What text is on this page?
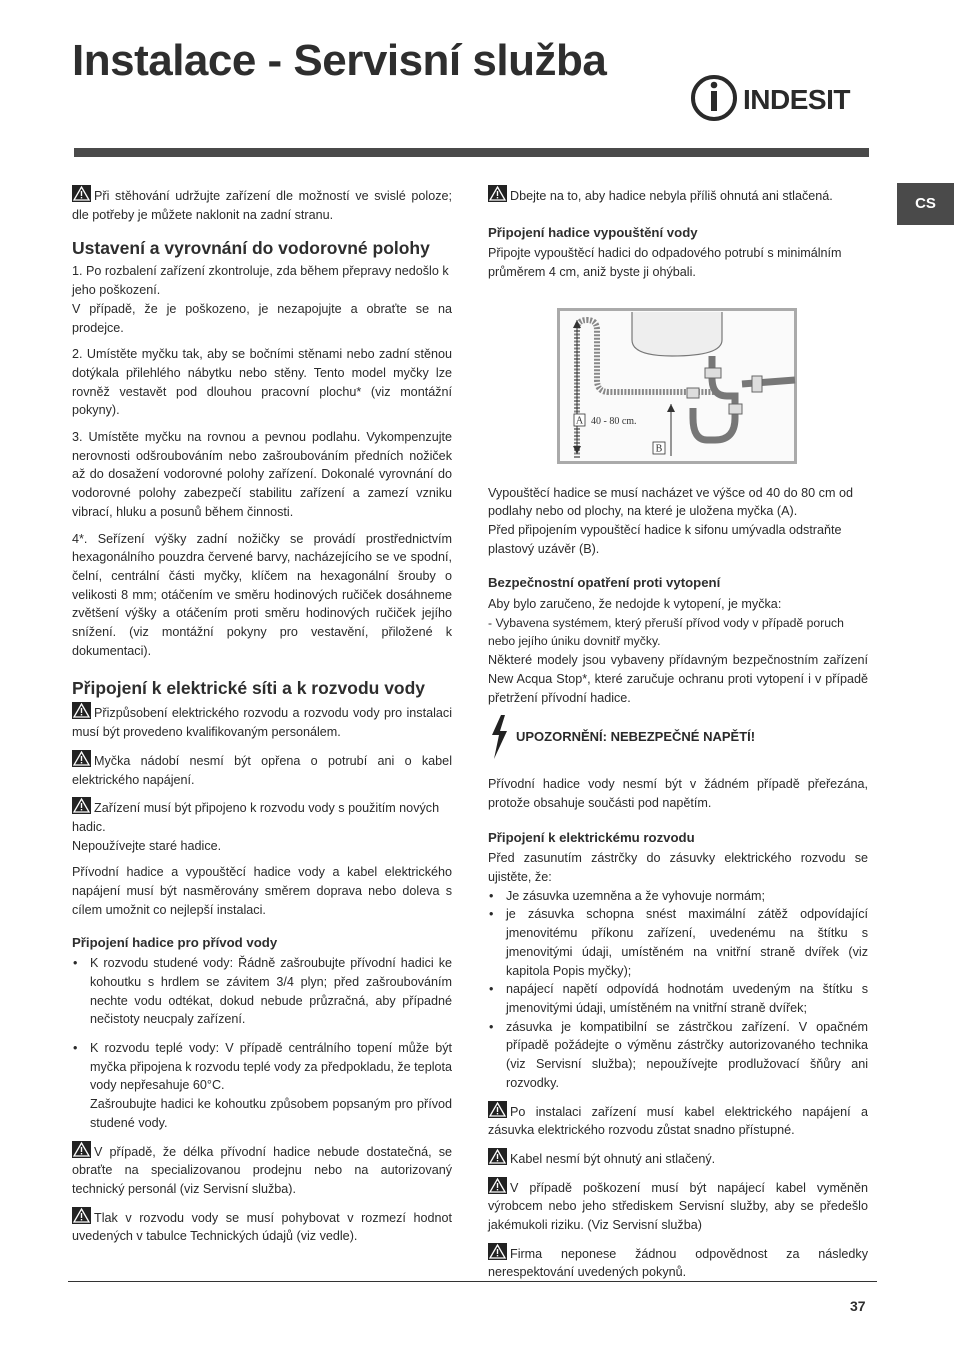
Instalace - Servisní služba
INDESIT
CS

Při stěhování udržujte zařízení dle možností ve svislé poloze; dle potřeby je můžete naklonit na zadní stranu.

Ustavení a vyrovnání do vodorovné polohy

1. Po rozbalení zařízení zkontroluje, zda během přepravy nedošlo k jeho poškození.

V případě, že je poškozeno, je nezapojujte a obraťte se na prodejce.

2. Umístěte myčku tak, aby se bočními stěnami nebo zadní stěnou dotýkala přilehlého nábytku nebo stěny. Tento model myčky lze rovněž vestavět pod dlouhou pracovní plochu* (viz montážní pokyny).

3. Umístěte myčku na rovnou a pevnou podlahu. Vykompenzujte nerovnosti odšroubováním nebo zašroubováním předních nožiček až do dosažení vodorovné polohy zařízení. Dokonalé vyrovnání do vodorovné polohy zabezpečí stabilitu zařízení a zamezí vzniku vibrací, hluku a posunů během činnosti.

4*. Seřízení výšky zadní nožičky se provádí prostřednictvím hexagonálního pouzdra červené barvy, nacházejícího se ve spodní, čelní, centrální části myčky, klíčem na hexagonální šrouby o velikosti 8 mm; otáčením ve směru hodinových ručiček dosáhneme zvětšení výšky a otáčením proti směru hodinových ručiček jejího snížení. (viz montážní pokyny pro vestavění, přiložené k dokumentaci).

Připojení k elektrické síti a k rozvodu vody

Přizpůsobení elektrického rozvodu a rozvodu vody pro instalaci musí být provedeno kvalifikovaným personálem.

Myčka nádobí nesmí být opřena o potrubí ani o kabel elektrického napájení.

Zařízení musí být připojeno k rozvodu vody s použitím nových hadic.

Nepoužívejte staré hadice.

Přívodní hadice a vypouštěcí hadice vody a kabel elektrického napájení musí být nasměrovány směrem doprava nebo doleva s cílem umožnit co nejlepší instalaci.

Připojení hadice pro přívod vody
• K rozvodu studené vody: Řádně zašroubujte přívodní hadici ke kohoutku s hrdlem se závitem 3/4 plyn; před zašroubováním nechte vodu odtékat, dokud nebude průzračná, aby případné nečistoty neucpaly zařízení.
• K rozvodu teplé vody: V případě centrálního topení může být myčka připojena k rozvodu teplé vody za předpokladu, že teplota vody nepřesahuje 60°C.
Zašroubujte hadici ke kohoutku způsobem popsaným pro přívod studené vody.

V případě, že délka přívodní hadice nebude dostatečná, se obraťte na specializovanou prodejnu nebo na autorizovaný technický personál (viz Servisní služba).

Tlak v rozvodu vody se musí pohybovat v rozmezí hodnot uvedených v tabulce Technických údajů (viz vedle).

Dbejte na to, aby hadice nebyla příliš ohnutá ani stlačená.

Připojení hadice vypouštění vody

Připojte vypouštěcí hadici do odpadového potrubí s minimálním průměrem 4 cm, aniž byste ji ohýbali.

A 40 - 80 cm.
B

Vypouštěcí hadice se musí nacházet ve výšce od 40 do 80 cm od podlahy nebo od plochy, na které je uložena myčka (A).

Před připojením vypouštěcí hadice k sifonu umývadla odstraňte plastový uzávěr (B).

Bezpečnostní opatření proti vytopení

Aby bylo zaručeno, že nedojde k vytopení, je myčka:

- Vybavena systémem, který přeruší přívod vody v případě poruch nebo jejího úniku dovnitř myčky.

Některé modely jsou vybaveny přídavným bezpečnostním zařízení New Acqua Stop*, které zaručuje ochranu proti vytopení i v případě přetržení přívodní hadice.

UPOZORNĚNÍ: NEBEZPEČNÉ NAPĚTÍ!

Přívodní hadice vody nesmí být v žádném případě přeřezána, protože obsahuje součásti pod napětím.

Připojení k elektrickému rozvodu

Před zasunutím zástrčky do zásuvky elektrického rozvodu se ujistěte, že:

• Je zásuvka uzemněna a že vyhovuje normám;
• je zásuvka schopna snést maximální zátěž odpovídající jmenovitému příkonu zařízení, uvedenému na štítku s jmenovitými údaji, umístěném na vnitřní straně dvířek (viz kapitola Popis myčky);
• napájecí napětí odpovídá hodnotám uvedeným na štítku s jmenovitými údaji, umístěném na vnitřní straně dvířek;
• zásuvka je kompatibilní se zástrčkou zařízení. V opačném případě požádejte o výměnu zástrčky autorizovaného technika (viz Servisní služba); nepoužívejte prodlužovací šňůry ani rozvodky.

Po instalaci zařízení musí kabel elektrického napájení a zásuvka elektrického rozvodu zůstat snadno přístupné.

Kabel nesmí být ohnutý ani stlačený.

V případě poškození musí být napájecí kabel vyměněn výrobcem nebo jeho střediskem Servisní služby, aby se předešlo jakémukoli riziku. (Viz Servisní služba)

Firma neponese žádnou odpovědnost za následky nerespektování uvedených pokynů.

37
